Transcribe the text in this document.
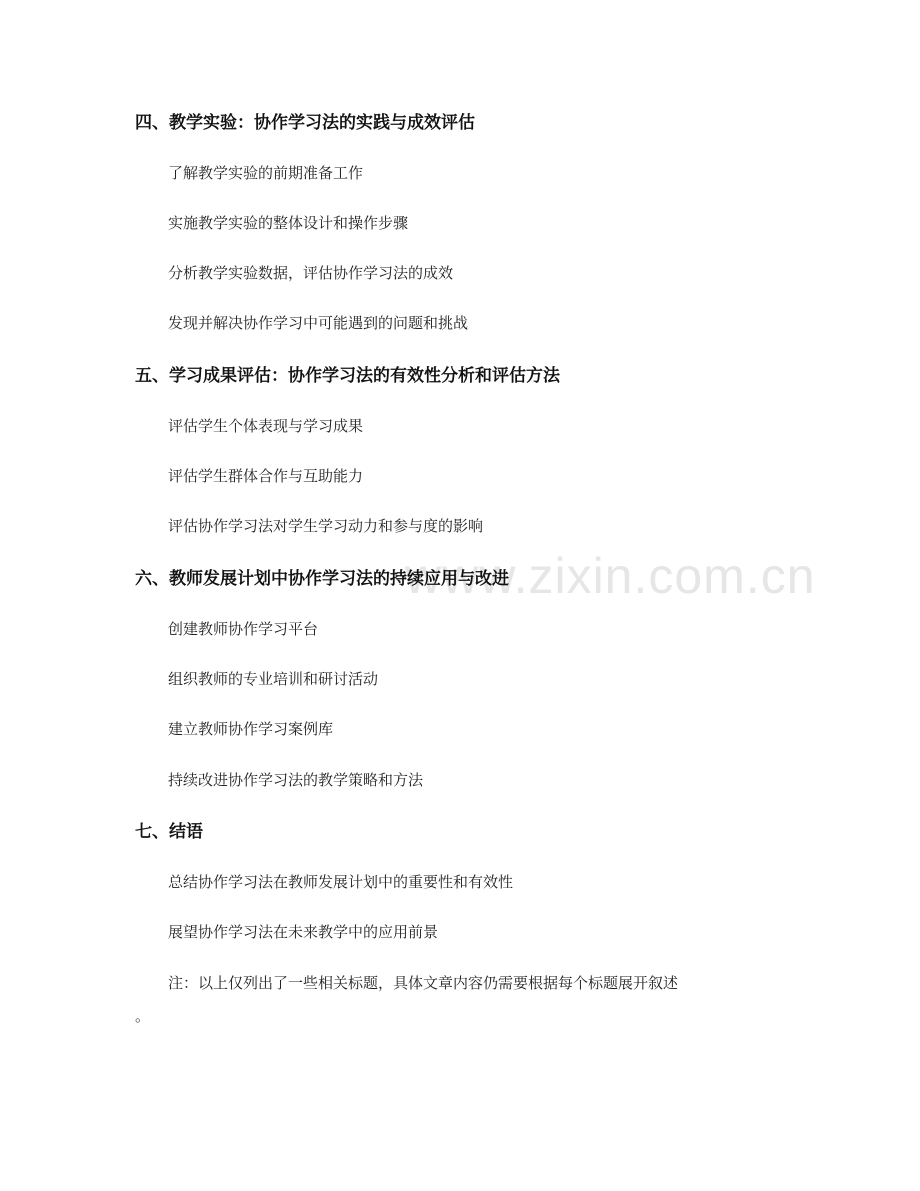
www.zixin.com.cn
四、教学实验：协作学习法的实践与成效评估
了解教学实验的前期准备工作
实施教学实验的整体设计和操作步骤
分析教学实验数据，评估协作学习法的成效
发现并解决协作学习中可能遇到的问题和挑战
五、学习成果评估：协作学习法的有效性分析和评估方法
评估学生个体表现与学习成果
评估学生群体合作与互助能力
评估协作学习法对学生学习动力和参与度的影响
六、教师发展计划中协作学习法的持续应用与改进
创建教师协作学习平台
组织教师的专业培训和研讨活动
建立教师协作学习案例库
持续改进协作学习法的教学策略和方法
七、结语
总结协作学习法在教师发展计划中的重要性和有效性
展望协作学习法在未来教学中的应用前景
注：以上仅列出了一些相关标题，具体文章内容仍需要根据每个标题展开叙述
。
